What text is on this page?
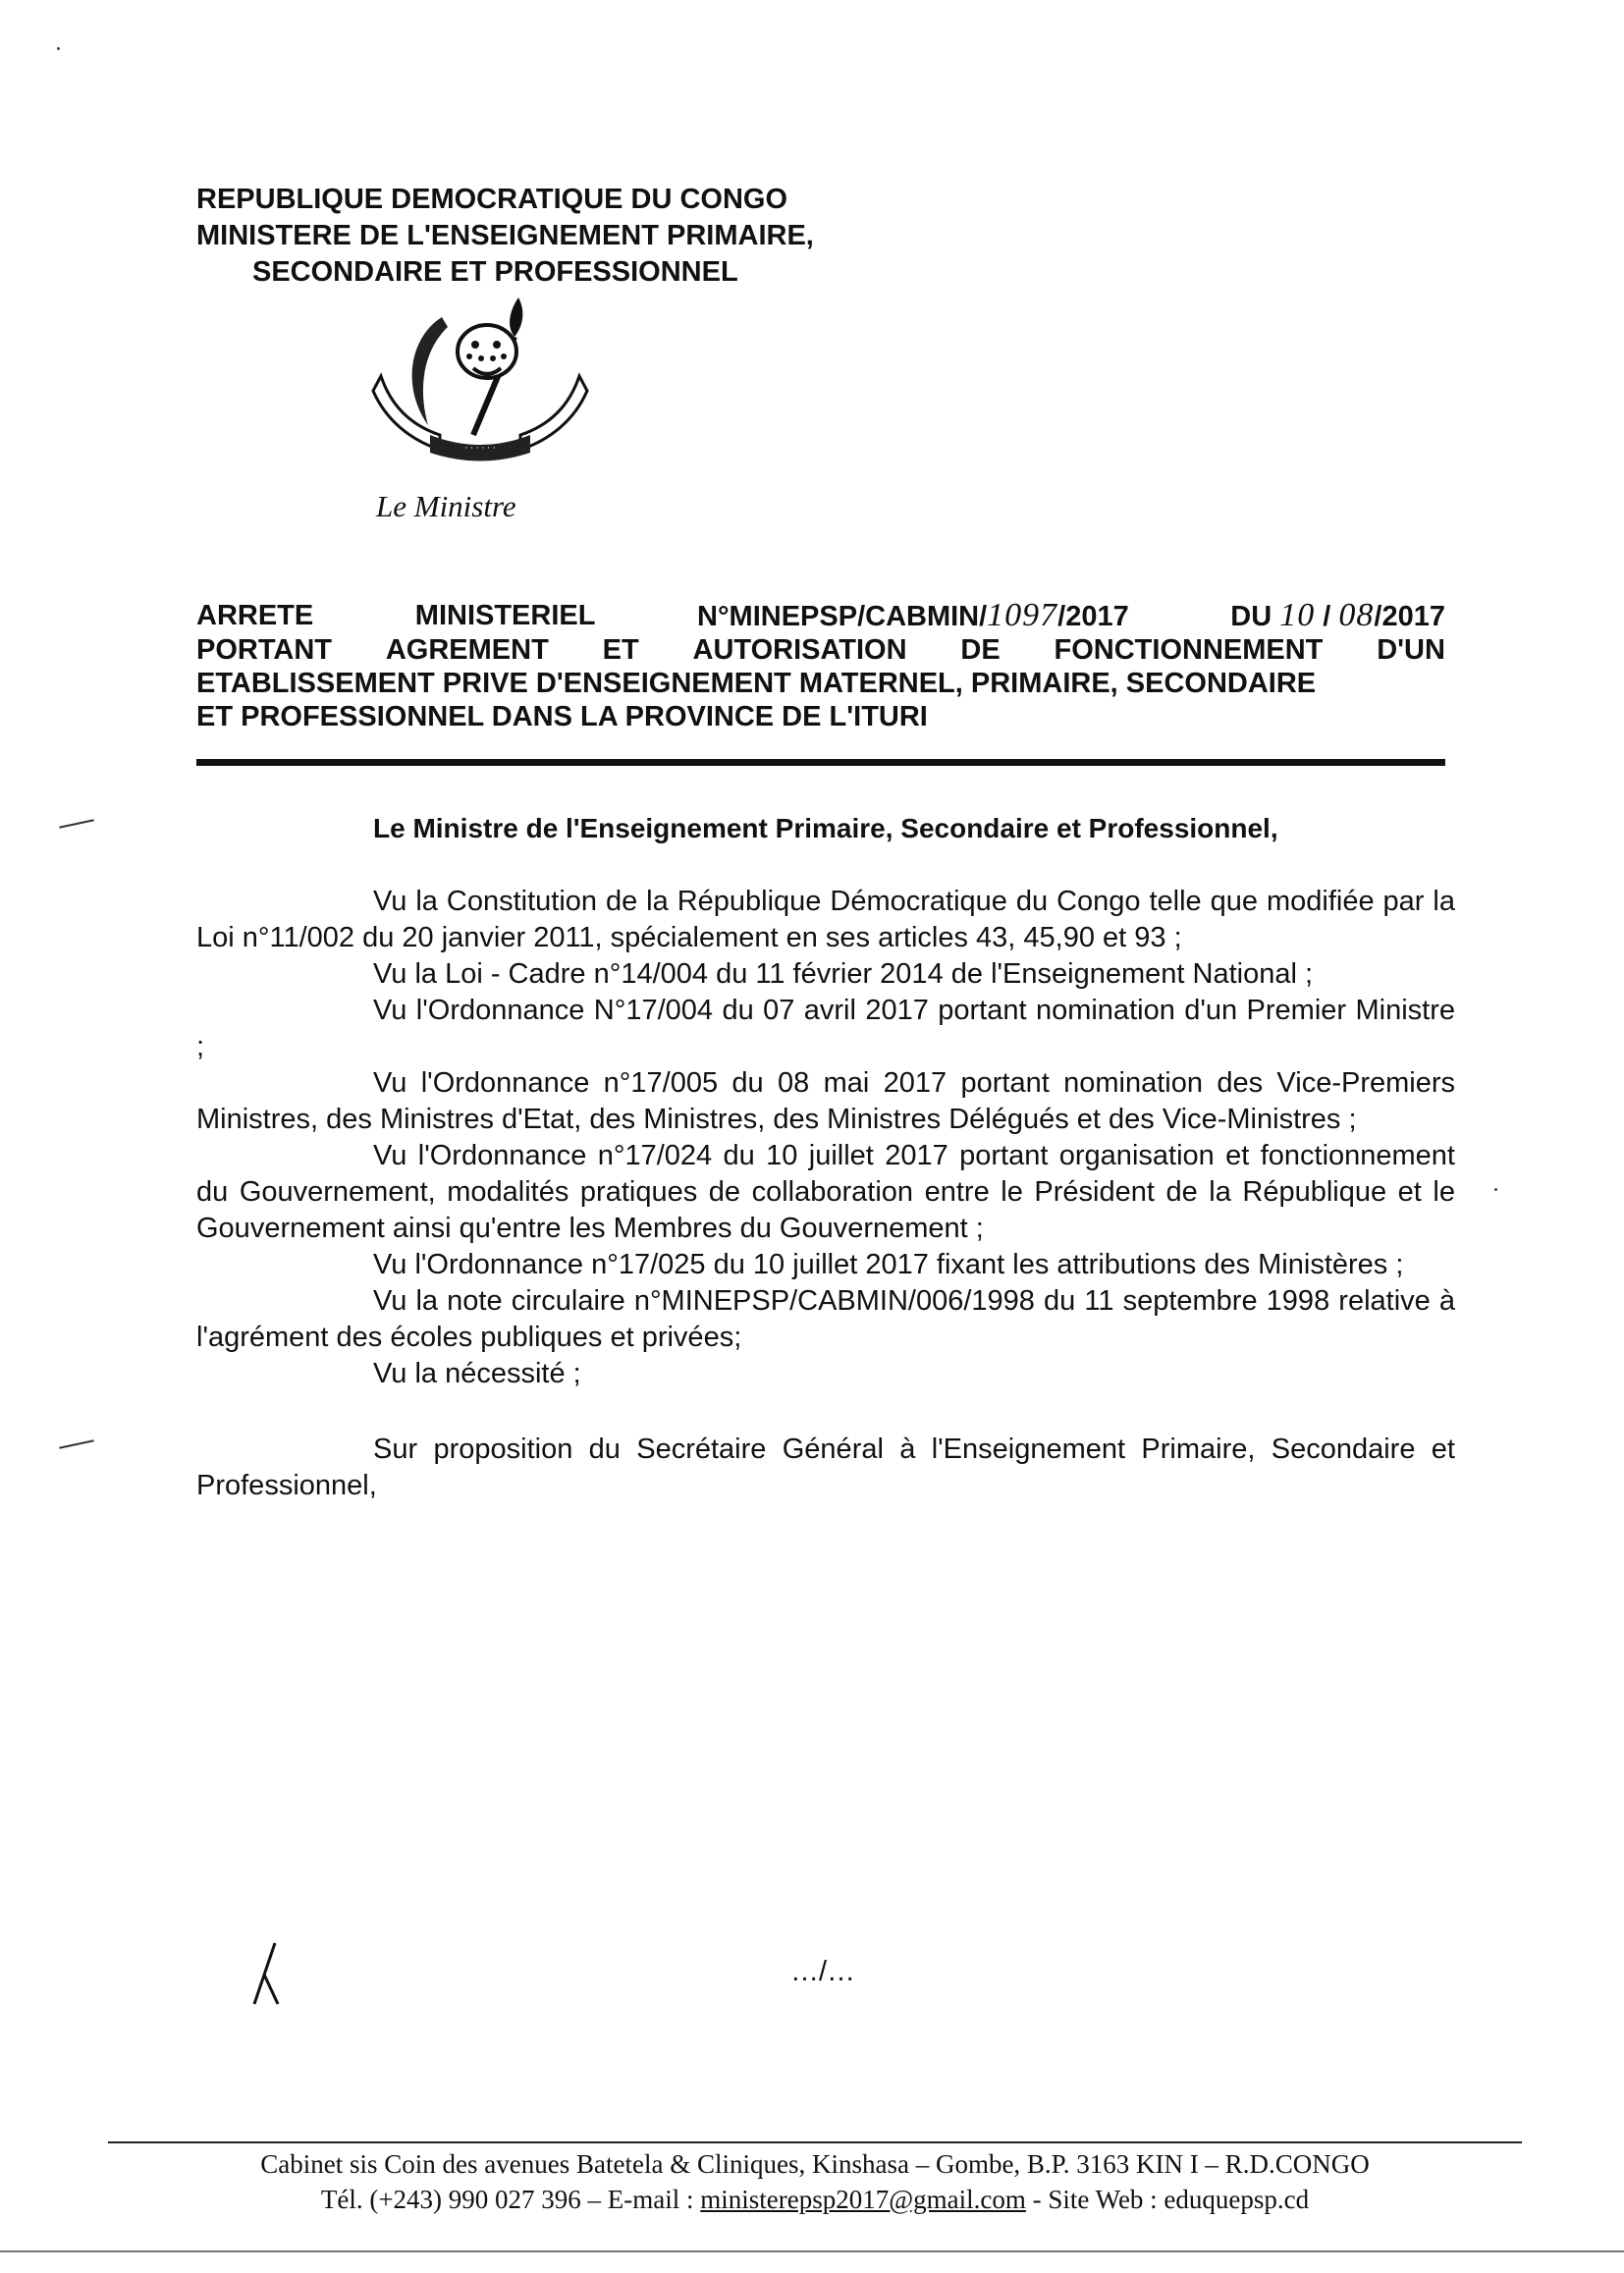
REPUBLIQUE DEMOCRATIQUE DU CONGO
MINISTERE DE L'ENSEIGNEMENT PRIMAIRE,
SECONDAIRE ET PROFESSIONNEL
· · · · · ·
Le Ministre
ARRETE	MINISTERIEL	N°MINEPSP/CABMIN/1097/2017	DU 10 / 08/2017
PORTANT AGREMENT ET AUTORISATION DE FONCTIONNEMENT D'UN
ETABLISSEMENT PRIVE D'ENSEIGNEMENT MATERNEL, PRIMAIRE, SECONDAIRE
ET PROFESSIONNEL DANS LA PROVINCE DE L'ITURI
Le Ministre de l'Enseignement Primaire, Secondaire et Professionnel,

Vu la Constitution de la République Démocratique du Congo telle que modifiée par la Loi n°11/002 du 20 janvier 2011, spécialement en ses articles 43, 45,90 et 93 ;

Vu la Loi - Cadre n°14/004 du 11 février 2014 de l'Enseignement National ;

Vu l'Ordonnance N°17/004 du 07 avril 2017 portant nomination d'un Premier Ministre ;

Vu l'Ordonnance n°17/005 du 08 mai 2017 portant nomination des Vice-Premiers Ministres, des Ministres d'Etat, des Ministres, des Ministres Délégués et des Vice-Ministres ;

Vu l'Ordonnance n°17/024 du 10 juillet 2017 portant organisation et fonctionnement du Gouvernement, modalités pratiques de collaboration entre le Président de la République et le Gouvernement ainsi qu'entre les Membres du Gouvernement ;

Vu l'Ordonnance n°17/025 du 10 juillet 2017 fixant les attributions des Ministères ;

Vu la note circulaire n°MINEPSP/CABMIN/006/1998 du 11 septembre 1998 relative à l'agrément des écoles publiques et privées;

Vu la nécessité ;

Sur proposition du Secrétaire Général à l'Enseignement Primaire, Secondaire et Professionnel,

…/…
Cabinet sis Coin des avenues Batetela & Cliniques, Kinshasa – Gombe, B.P. 3163 KIN I – R.D.CONGO
Tél. (+243) 990 027 396 – E-mail : ministerepsp2017@gmail.com - Site Web : eduquepsp.cd
